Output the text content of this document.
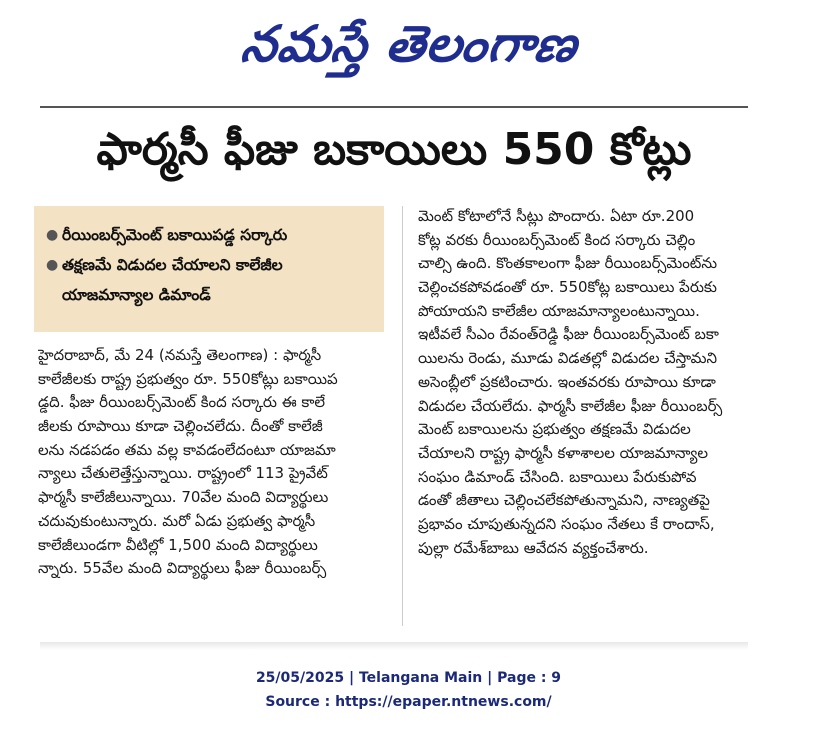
నమస్తే తెలంగాణ
ఫార్మసీ ఫీజు బకాయిలు 550 కోట్లు
● రీయింబర్స్‌మెంట్ బకాయిపడ్డ సర్కారు
● తక్షణమే విడుదల చేయాలని కాలేజీల యాజమాన్యాల డిమాండ్
హైదరాబాద్, మే 24 (నమస్తే తెలంగాణ) : ఫార్మసీ
కాలేజీలకు రాష్ట్ర ప్రభుత్వం రూ. 550కోట్లు బకాయిప
డ్డది. ఫీజు రీయింబర్స్‌మెంట్ కింద సర్కారు ఈ కాలే
జీలకు రూపాయి కూడా చెల్లించలేదు. దీంతో కాలేజీ
లను నడపడం తమ వల్ల కావడంలేదంటూ యాజమా
న్యాలు చేతులెత్తేస్తున్నాయి. రాష్ట్రంలో 113 ప్రైవేట్
ఫార్మసీ కాలేజీలున్నాయి. 70వేల మంది విద్యార్థులు
చదువుకుంటున్నారు. మరో ఏడు ప్రభుత్వ ఫార్మసీ
కాలేజీలుండగా వీటిల్లో 1,500 మంది విద్యార్థులు
న్నారు. 55వేల మంది విద్యార్థులు ఫీజు రీయింబర్స్
మెంట్ కోటాలోనే సీట్లు పొందారు. ఏటా రూ.200
కోట్ల వరకు రీయింబర్స్‌మెంట్ కింద సర్కారు చెల్లిం
చాల్సి ఉంది. కొంతకాలంగా ఫీజు రీయింబర్స్‌మెంట్‌ను
చెల్లించకపోవడంతో రూ. 550కోట్ల బకాయిలు పేరుకు
పోయాయని కాలేజీల యాజమాన్యాలంటున్నాయి.
ఇటీవలే సీఎం రేవంత్‌రెడ్డి ఫీజు రీయింబర్స్‌మెంట్ బకా
యిలను రెండు, మూడు విడతల్లో విడుదల చేస్తామని
అసెంబ్లీలో ప్రకటించారు. ఇంతవరకు రూపాయి కూడా
విడుదల చేయలేదు. ఫార్మసీ కాలేజీల ఫీజు రీయింబర్స్
మెంట్ బకాయిలను ప్రభుత్వం తక్షణమే విడుదల
చేయాలని రాష్ట్ర ఫార్మసీ కళాశాలల యాజమాన్యాల
సంఘం డిమాండ్ చేసింది. బకాయిలు పేరుకుపోవ
డంతో జీతాలు చెల్లించలేకపోతున్నామని, నాణ్యతపై
ప్రభావం చూపుతున్నదని సంఘం నేతలు కే రాందాస్,
పుల్లా రమేశ్‌బాబు ఆవేదన వ్యక్తంచేశారు.
25/05/2025 | Telangana Main | Page : 9
Source : https://epaper.ntnews.com/
